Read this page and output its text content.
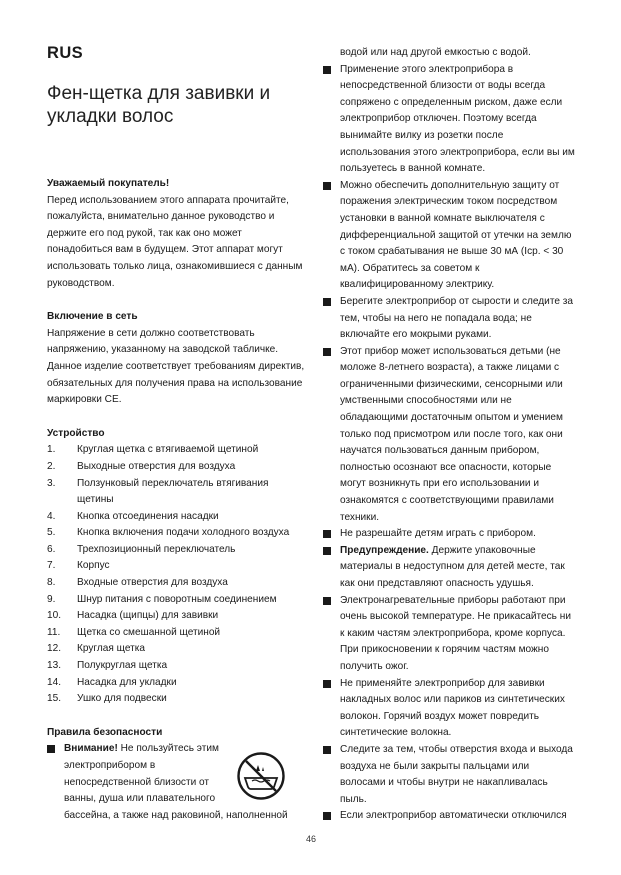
RUS
Фен-щетка для завивки и укладки волос
Уважаемый покупатель!
Перед использованием этого аппарата прочитайте, пожалуйста, внимательно данное руководство и держите его под рукой, так как оно может понадобиться вам в будущем. Этот аппарат могут использовать только лица, ознакомившиеся с данным руководством.
Включение в сеть
Напряжение в сети должно соответствовать напряжению, указанному на заводской табличке. Данное изделие соответствует требованиям директив, обязательных для получения права на использование маркировки CE.
Устройство
1.	Круглая щетка с втягиваемой щетиной
2.	Выходные отверстия для воздуха
3.	Ползунковый переключатель втягивания щетины
4.	Кнопка отсоединения насадки
5.	Кнопка включения подачи холодного воздуха
6.	Трехпозиционный переключатель
7.	Корпус
8.	Входные отверстия для воздуха
9.	Шнур питания с поворотным соединением
10.	Насадка (щипцы) для завивки
11.	Щетка со смешанной щетиной
12.	Круглая щетка
13.	Полукруглая щетка
14.	Насадка для укладки
15.	Ушко для подвески
Правила безопасности
Внимание! Не пользуйтесь этим электроприбором в непосредственной близости от ванны, душа или плавательного
бассейна, а также над раковиной, наполненной
водой или над другой емкостью с водой.
Применение этого электроприбора в непосредственной близости от воды всегда сопряжено с определенным риском, даже если электроприбор отключен. Поэтому всегда вынимайте вилку из розетки после использования этого электроприбора, если вы им пользуетесь в ванной комнате.
Можно обеспечить дополнительную защиту от поражения электрическим током посредством установки в ванной комнате выключателя с дифференциальной защитой от утечки на землю с током срабатывания не выше 30 мА (Icp. < 30 мА). Обратитесь за советом к квалифицированному электрику.
Берегите электроприбор от сырости и следите за тем, чтобы на него не попадала вода; не включайте его мокрыми руками.
Этот прибор может использоваться детьми (не моложе 8-летнего возраста), а также лицами с ограниченными физическими, сенсорными или умственными способностями или не обладающими достаточным опытом и умением только под присмотром или после того, как они научатся пользоваться данным прибором, полностью осознают все опасности, которые могут возникнуть при его использовании и ознакомятся с соответствующими правилами техники.
Не разрешайте детям играть с прибором.
Предупреждение. Держите упаковочные материалы в недоступном для детей месте, так как они представляют опасность удушья.
Электронагревательные приборы работают при очень высокой температуре. Не прикасайтесь ни к каким частям электроприбора, кроме корпуса. При прикосновении к горячим частям можно получить ожог.
Не применяйте электроприбор для завивки накладных волос или париков из синтетических волокон. Горячий воздух может повредить синтетические волокна.
Следите за тем, чтобы отверстия входа и выхода воздуха не были закрыты пальцами или волосами и чтобы внутри не накапливалась пыль.
Если электроприбор автоматически отключился
46
